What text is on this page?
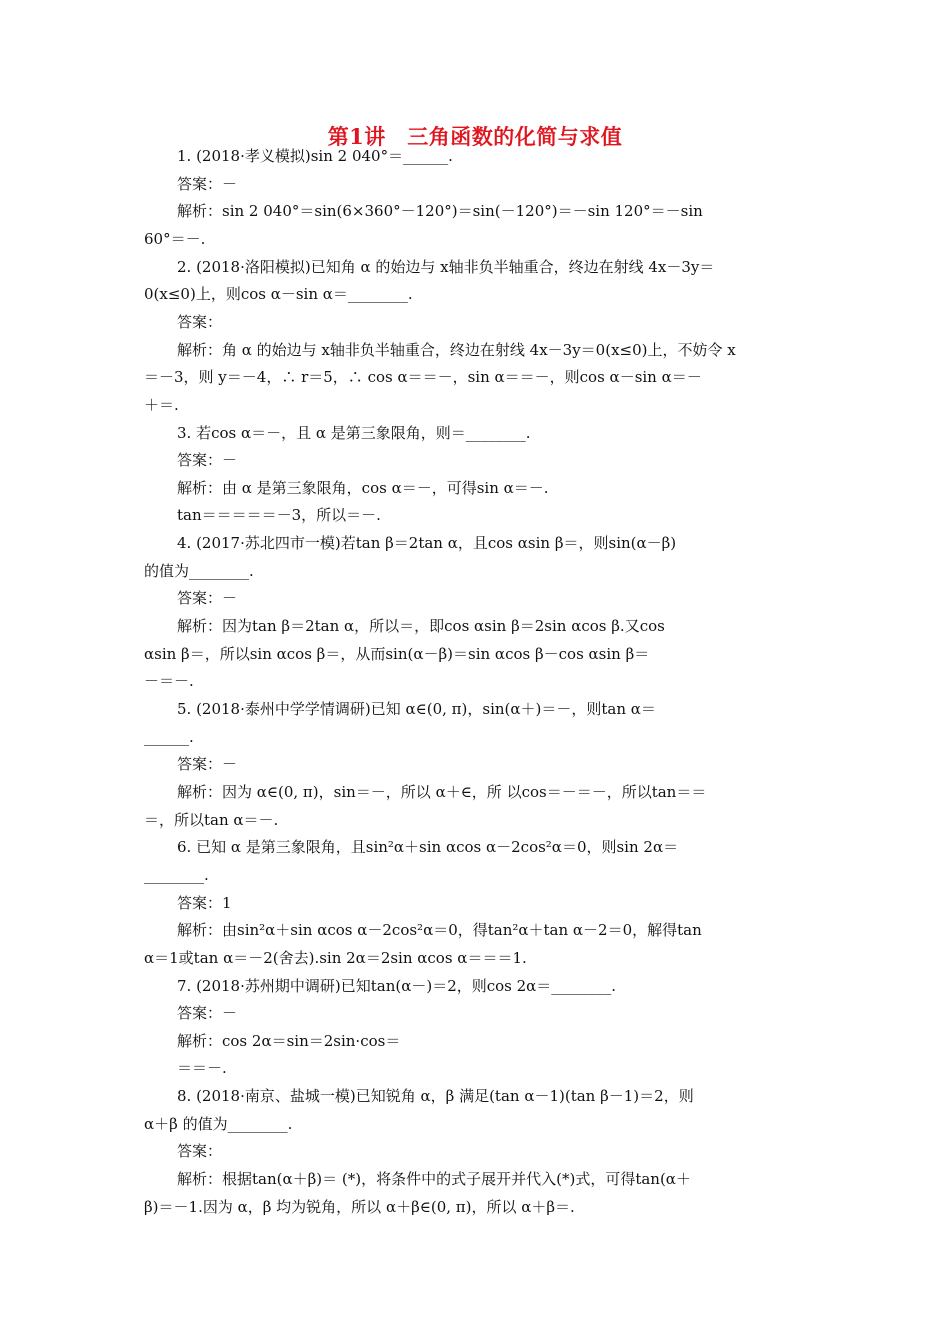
第1讲　三角函数的化简与求值
1. (2018·孝义模拟)sin 2 040°＝______.
答案：－
解析：sin 2 040°＝sin(6×360°－120°)＝sin(－120°)＝－sin 120°＝－sin
60°＝－.
2. (2018·洛阳模拟)已知角 α 的始边与 x轴非负半轴重合，终边在射线 4x－3y＝
0(x≤0)上，则cos α－sin α＝________.
答案：
解析：角 α 的始边与 x轴非负半轴重合，终边在射线 4x－3y＝0(x≤0)上，不妨令 x
＝－3，则 y＝－4，∴ r＝5，∴ cos α＝＝－，sin α＝＝－，则cos α－sin α＝－
＋＝.
3. 若cos α＝－，且 α 是第三象限角，则＝________.
答案：－
解析：由 α 是第三象限角，cos α＝－，可得sin α＝－.
tan＝＝＝＝＝－3，所以＝－.
4. (2017·苏北四市一模)若tan β＝2tan α，且cos αsin β＝，则sin(α－β)
的值为________.
答案：－
解析：因为tan β＝2tan α，所以＝，即cos αsin β＝2sin αcos β.又cos
αsin β＝，所以sin αcos β＝，从而sin(α－β)＝sin αcos β－cos αsin β＝
－＝－.
5. (2018·泰州中学学情调研)已知 α∈(0, π)，sin(α＋)＝－，则tan α＝
______.
答案：－
解析：因为 α∈(0, π)，sin＝－，所以 α＋∈，所 以cos＝－＝－，所以tan＝＝
＝，所以tan α＝－.
6. 已知 α 是第三象限角，且sin²α＋sin αcos α－2cos²α＝0，则sin 2α＝
________.
答案：1
解析：由sin²α＋sin αcos α－2cos²α＝0，得tan²α＋tan α－2＝0，解得tan
α＝1或tan α＝－2(舍去).sin 2α＝2sin αcos α＝＝＝1.
7. (2018·苏州期中调研)已知tan(α－)＝2，则cos 2α＝________.
答案：－
解析：cos 2α＝sin＝2sin·cos＝
＝＝－.
8. (2018·南京、盐城一模)已知锐角 α，β 满足(tan α－1)(tan β－1)＝2，则
α＋β 的值为________.
答案：
解析：根据tan(α＋β)＝ (*)，将条件中的式子展开并代入(*)式，可得tan(α＋
β)＝－1.因为 α，β 均为锐角，所以 α＋β∈(0, π)，所以 α＋β＝.
